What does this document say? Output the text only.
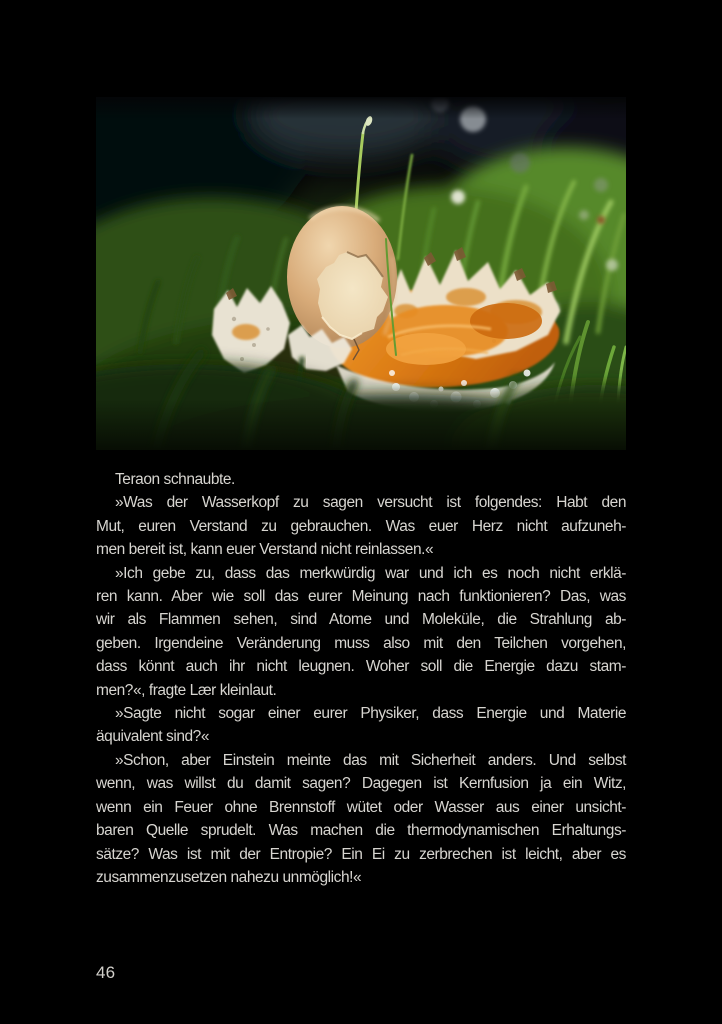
Teraon schnaubte.

»Was der Wasserkopf zu sagen versucht ist folgendes: Habt den
Mut, euren Verstand zu gebrauchen. Was euer Herz nicht aufzuneh-
men bereit ist, kann euer Verstand nicht reinlassen.«

»Ich gebe zu, dass das merkwürdig war und ich es noch nicht erklä-
ren kann. Aber wie soll das eurer Meinung nach funktionieren? Das, was
wir als Flammen sehen, sind Atome und Moleküle, die Strahlung ab-
geben. Irgendeine Veränderung muss also mit den Teilchen vorgehen,
dass könnt auch ihr nicht leugnen. Woher soll die Energie dazu stam-
men?«, fragte Lær kleinlaut.

»Sagte nicht sogar einer eurer Physiker, dass Energie und Materie
äquivalent sind?«

»Schon, aber Einstein meinte das mit Sicherheit anders. Und selbst
wenn, was willst du damit sagen? Dagegen ist Kernfusion ja ein Witz,
wenn ein Feuer ohne Brennstoff wütet oder Wasser aus einer unsicht-
baren Quelle sprudelt. Was machen die thermodynamischen Erhaltungs-
sätze? Was ist mit der Entropie? Ein Ei zu zerbrechen ist leicht, aber es
zusammenzusetzen nahezu unmöglich!«

46
